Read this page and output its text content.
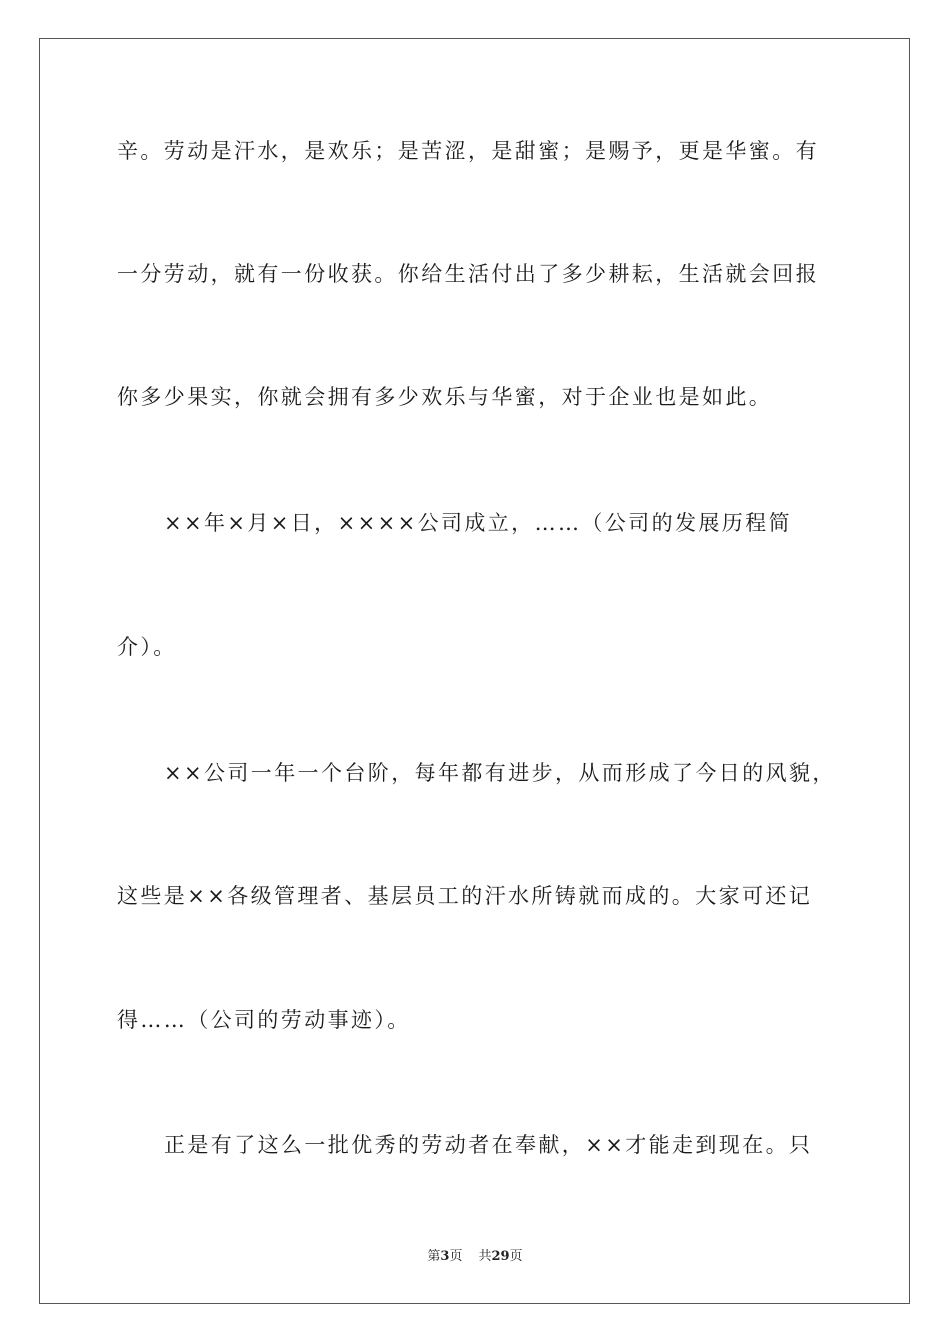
辛。劳动是汗水，是欢乐；是苦涩，是甜蜜；是赐予，更是华蜜。有
一分劳动，就有一份收获。你给生活付出了多少耕耘，生活就会回报
你多少果实，你就会拥有多少欢乐与华蜜，对于企业也是如此。
××年×月×日，××××公司成立，……（公司的发展历程简
介）。
××公司一年一个台阶，每年都有进步，从而形成了今日的风貌，
这些是××各级管理者、基层员工的汗水所铸就而成的。大家可还记
得……（公司的劳动事迹）。
正是有了这么一批优秀的劳动者在奉献，××才能走到现在。只
第3页 共29页
